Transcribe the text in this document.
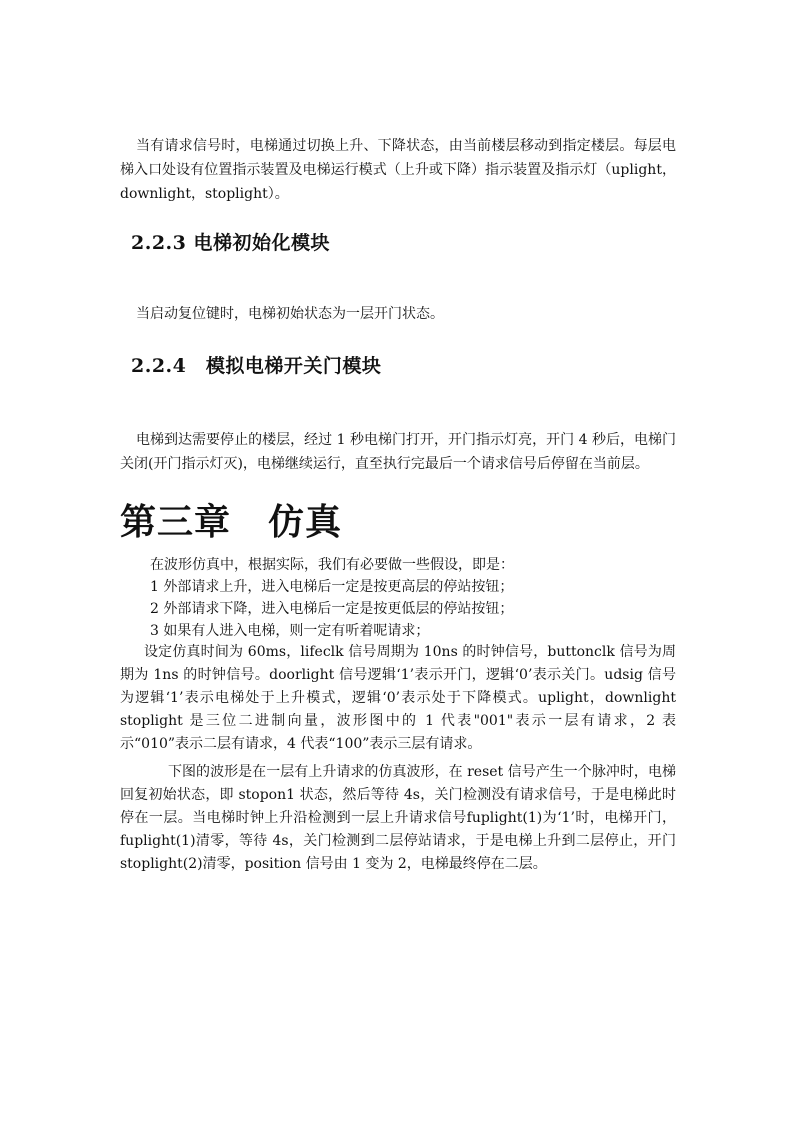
当有请求信号时，电梯通过切换上升、下降状态，由当前楼层移动到指定楼层。每层电梯入口处设有位置指示装置及电梯运行模式（上升或下降）指示装置及指示灯（uplight，downlight，stoplight）。

2.2.3 电梯初始化模块

当启动复位键时，电梯初始状态为一层开门状态。

2.2.4　模拟电梯开关门模块

电梯到达需要停止的楼层，经过 1 秒电梯门打开，开门指示灯亮，开门 4 秒后，电梯门关闭(开门指示灯灭)，电梯继续运行，直至执行完最后一个请求信号后停留在当前层。

第三章　仿真

在波形仿真中，根据实际，我们有必要做一些假设，即是：

1 外部请求上升，进入电梯后一定是按更高层的停站按钮；

2 外部请求下降，进入电梯后一定是按更低层的停站按钮；

3 如果有人进入电梯，则一定有听着呢请求；

设定仿真时间为 60ms，lifeclk 信号周期为 10ns 的时钟信号，buttonclk 信号为周期为 1ns 的时钟信号。doorlight 信号逻辑‘1’表示开门，逻辑‘0’表示关门。udsig 信号为逻辑‘1’表示电梯处于上升模式，逻辑‘0’表示处于下降模式。uplight，downlight stoplight 是三位二进制向量，波形图中的 1 代表"001"表示一层有请求，2 表示“010”表示二层有请求，4 代表“100”表示三层有请求。

下图的波形是在一层有上升请求的仿真波形，在 reset 信号产生一个脉冲时，电梯回复初始状态，即 stopon1 状态，然后等待 4s，关门检测没有请求信号，于是电梯此时停在一层。当电梯时钟上升沿检测到一层上升请求信号fuplight(1)为‘1’时，电梯开门，fuplight(1)清零，等待 4s，关门检测到二层停站请求，于是电梯上升到二层停止，开门 stoplight(2)清零，position 信号由 1 变为 2，电梯最终停在二层。
